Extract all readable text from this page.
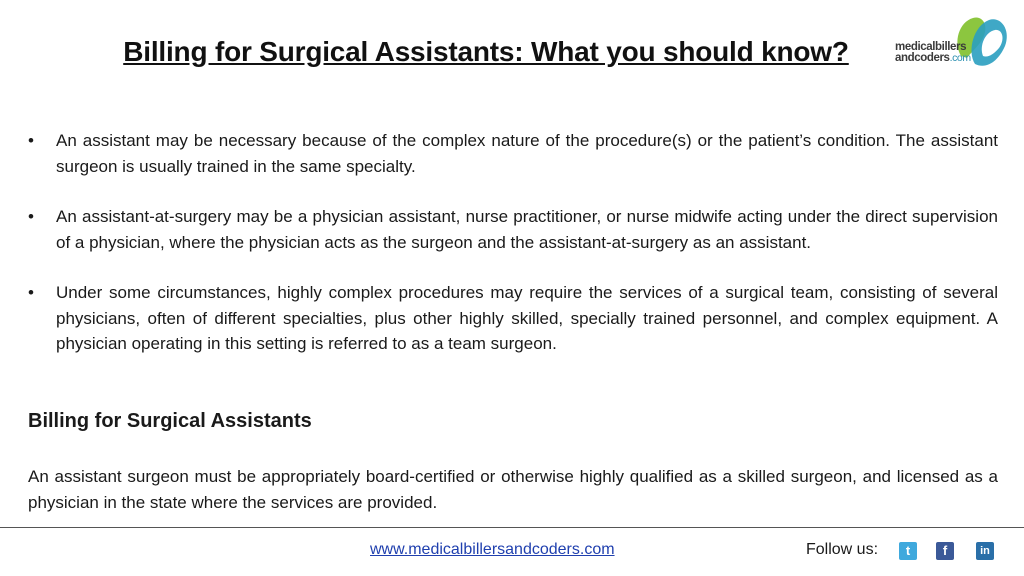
Billing for Surgical Assistants: What you should know?	medicalbillers
andcoders.com
• An assistant may be necessary because of the complex nature of the procedure(s) or the patient’s condition. The assistant surgeon is usually trained in the same specialty.
• An assistant-at-surgery may be a physician assistant, nurse practitioner, or nurse midwife acting under the direct supervision of a physician, where the physician acts as the surgeon and the assistant-at-surgery as an assistant.
• Under some circumstances, highly complex procedures may require the services of a surgical team, consisting of several physicians, often of different specialties, plus other highly skilled, specially trained personnel, and complex equipment. A physician operating in this setting is referred to as a team surgeon.
Billing for Surgical Assistants
An assistant surgeon must be appropriately board-certified or otherwise highly qualified as a skilled surgeon, and licensed as a physician in the state where the services are provided.
www.medicalbillersandcoders.com	Follow us:	t	f	in
